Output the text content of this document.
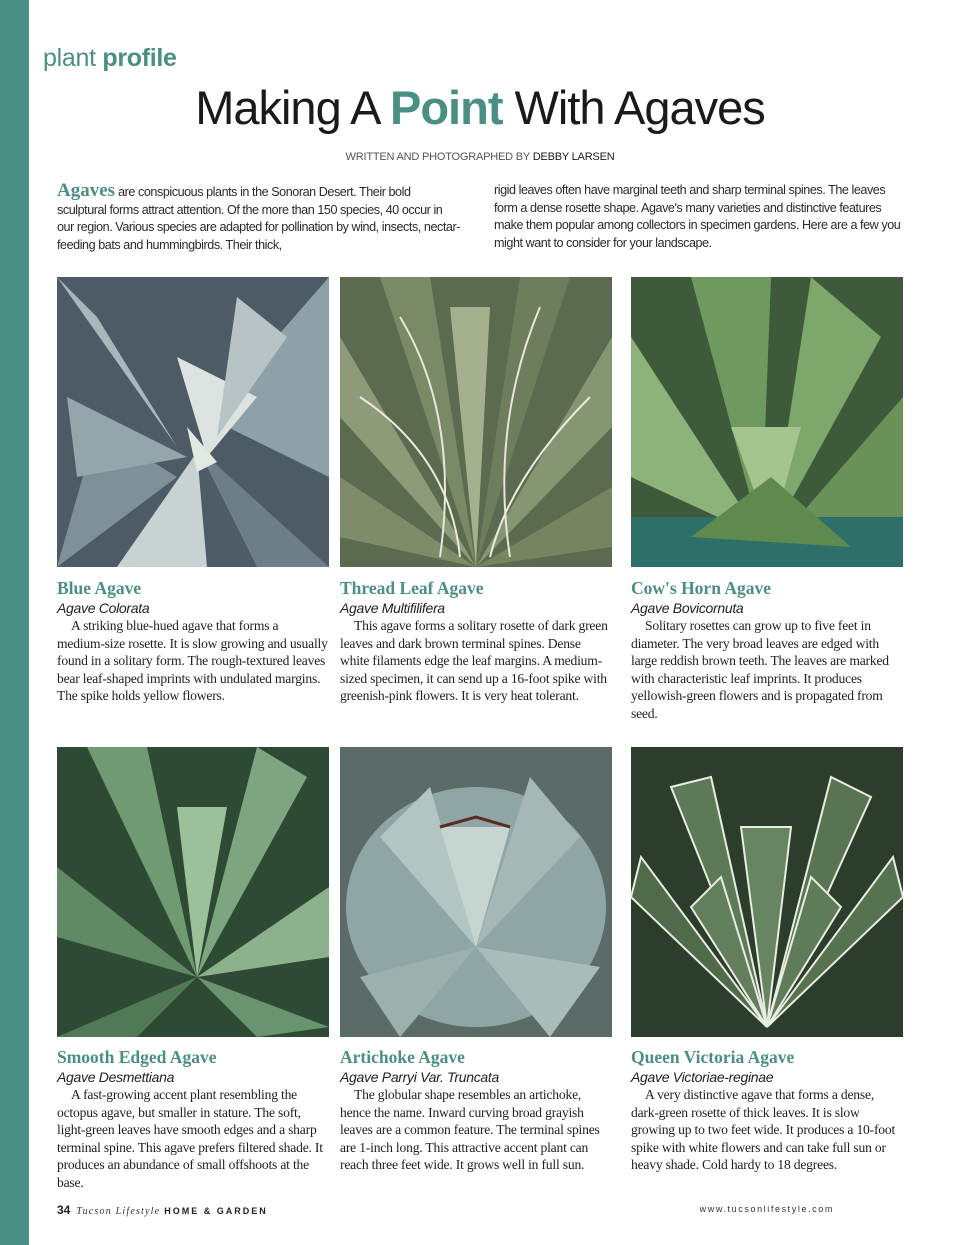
plant profile
Making A Point With Agaves
WRITTEN AND PHOTOGRAPHED BY DEBBY LARSEN

Agaves are conspicuous plants in the Sonoran Desert. Their bold sculptural forms attract attention. Of the more than 150 species, 40 occur in our region. Various species are adapted for pollination by wind, insects, nectar-feeding bats and hummingbirds. Their thick,

rigid leaves often have marginal teeth and sharp terminal spines. The leaves form a dense rosette shape. Agave's many varieties and distinctive features make them popular among collectors in specimen gardens. Here are a few you might want to consider for your landscape.

Blue Agave
Agave Colorata

A striking blue-hued agave that forms a medium-size rosette. It is slow growing and usually found in a solitary form. The rough-textured leaves bear leaf-shaped imprints with undulated margins. The spike holds yellow flowers.

Thread Leaf Agave
Agave Multifilifera

This agave forms a solitary rosette of dark green leaves and dark brown terminal spines. Dense white filaments edge the leaf margins. A medium-sized specimen, it can send up a 16-foot spike with greenish-pink flowers. It is very heat tolerant.

Cow's Horn Agave
Agave Bovicornuta

Solitary rosettes can grow up to five feet in diameter. The very broad leaves are edged with large reddish brown teeth. The leaves are marked with characteristic leaf imprints. It produces yellowish-green flowers and is propagated from seed.

Smooth Edged Agave
Agave Desmettiana

A fast-growing accent plant resembling the octopus agave, but smaller in stature. The soft, light-green leaves have smooth edges and a sharp terminal spine. This agave prefers filtered shade. It produces an abundance of small offshoots at the base.

Artichoke Agave
Agave Parryi Var. Truncata

The globular shape resembles an artichoke, hence the name. Inward curving broad grayish leaves are a common feature. The terminal spines are 1-inch long. This attractive accent plant can reach three feet wide. It grows well in full sun.

Queen Victoria Agave
Agave Victoriae-reginae

A very distinctive agave that forms a dense, dark-green rosette of thick leaves. It is slow growing up to two feet wide. It produces a 10-foot spike with white flowers and can take full sun or heavy shade. Cold hardy to 18 degrees.

34 Tucson Lifestyle HOME & GARDEN	www.tucsonlifestyle.com
